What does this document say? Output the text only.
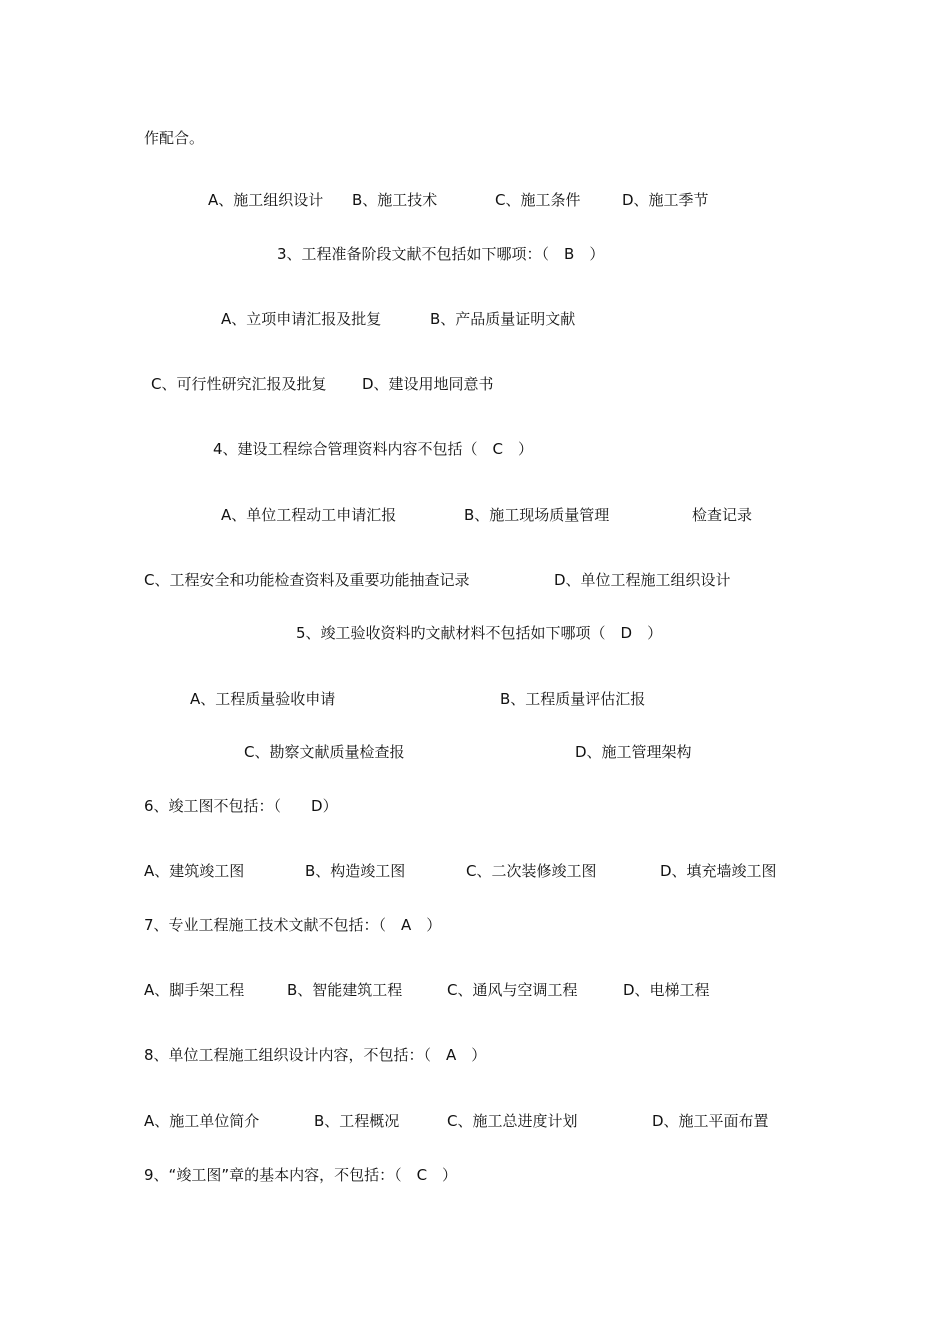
作配合。
A、施工组织设计 B、施工技术	C、施工条件	D、施工季节
3、工程准备阶段文献不包括如下哪项：（　B　）
A、立项申请汇报及批复	B、产品质量证明文献
C、可行性研究汇报及批复 D、建设用地同意书
4、建设工程综合管理资料内容不包括（　C　）
A、单位工程动工申请汇报	B、施工现场质量管理	检查记录
C、工程安全和功能检查资料及重要功能抽查记录	D、单位工程施工组织设计
5、竣工验收资料旳文献材料不包括如下哪项（　D　）
A、工程质量验收申请	B、工程质量评估汇报
C、勘察文献质量检查报	D、施工管理架构
6、竣工图不包括：（　　D）
A、建筑竣工图	B、构造竣工图	C、二次装修竣工图	D、填充墙竣工图
7、专业工程施工技术文献不包括：（　A　）
A、脚手架工程	B、智能建筑工程	C、通风与空调工程	D、电梯工程
8、单位工程施工组织设计内容，不包括：（　A　）
A、施工单位简介	B、工程概况	C、施工总进度计划	D、施工平面布置
9、“竣工图”章的基本内容，不包括：（　C　）
